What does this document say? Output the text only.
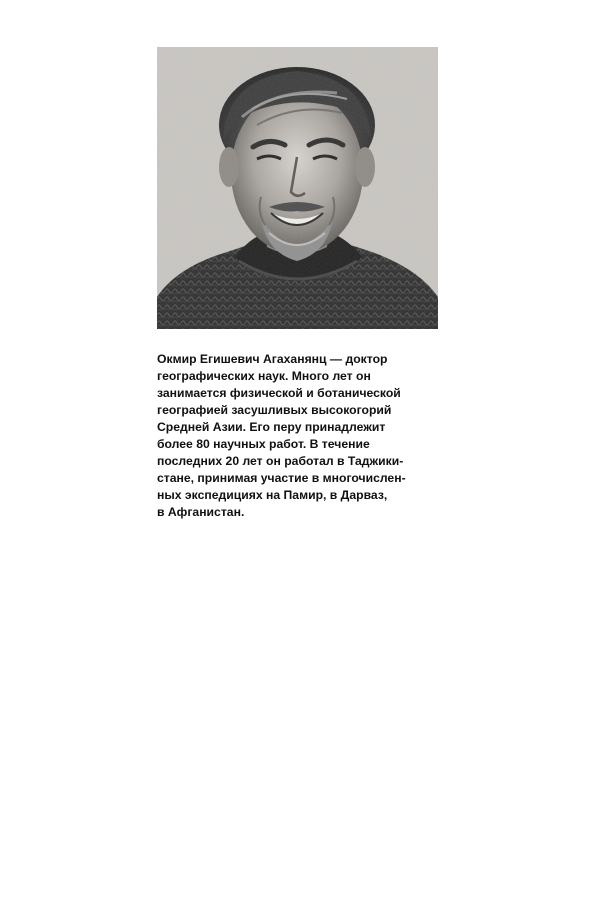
Окмир Егишевич Агаханянц — доктор
географических наук. Много лет он
занимается физической и ботанической
географией засушливых высокогорий
Средней Азии. Его перу принадлежит
более 80 научных работ. В течение
последних 20 лет он работал в Таджики-
стане, принимая участие в многочислен-
ных экспедициях на Памир, в Дарваз,
в Афганистан.
